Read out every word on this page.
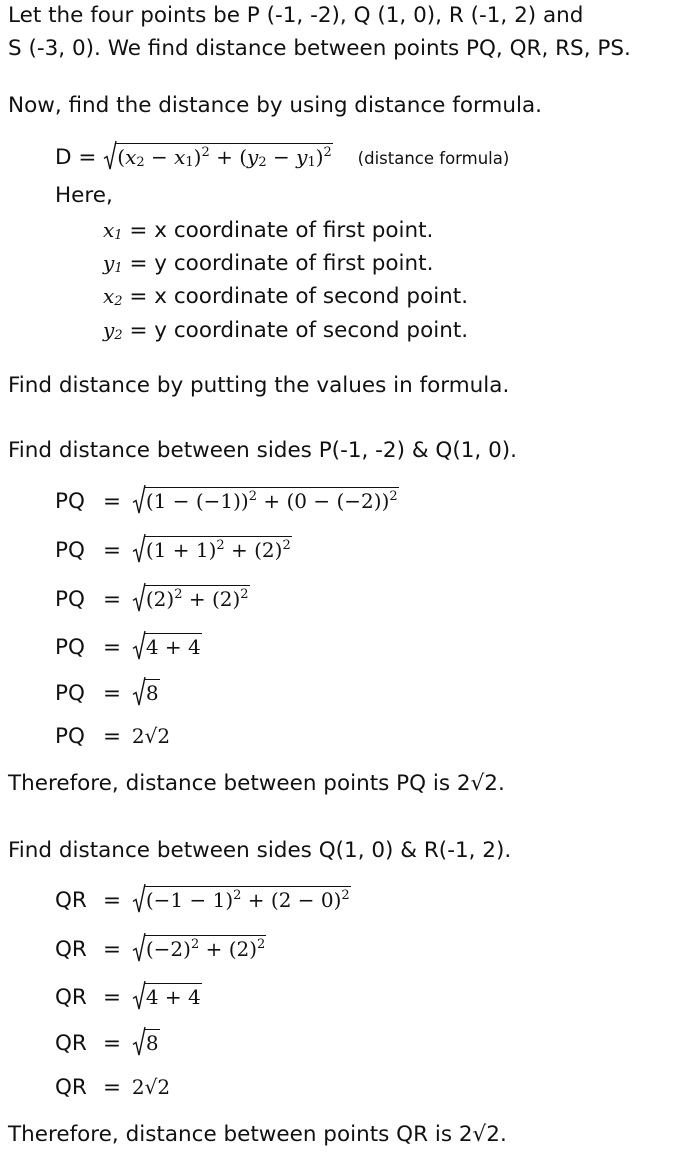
Let the four points be P (-1, -2), Q (1, 0), R (-1, 2) and
S (-3, 0). We find distance between points PQ, QR, RS, PS.
Now, find the distance by using distance formula.
$D = (x_2 - x_1)^2 + (y_2 - y_1)^2$ (distance formula)
Here,
$x_1 = x$ coordinate of first point.
$y_1 = y$ coordinate of first point.
$x_2 = x$ coordinate of second point.
$y_2 = y$ coordinate of second point.
Find distance by putting the values in formula.
Find distance between sides P(-1, -2) & Q(1, 0).
PQ = $(1 - (-1))^2 + (0 - (-2))^2$
PQ = $(1 + 1)^2 + (2)^2$
PQ = $(2)^2 + (2)^2$
PQ = 4 + 4
PQ = 8
PQ = 2√2
Therefore, distance between points PQ is 2√2.
Find distance between sides Q(1, 0) & R(-1, 2).
QR = $(-1 - 1)^2 + (2 - 0)^2$
QR = $(-2)^2 + (2)^2$
QR = 4 + 4
QR = 8
QR = 2√2
Therefore, distance between points QR is 2√2.
